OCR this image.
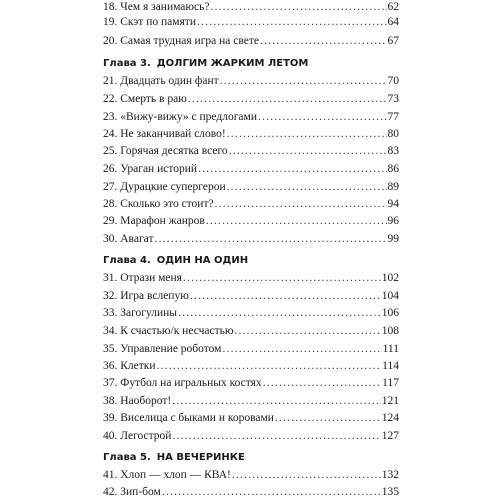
18. Чем я занимаюсь? .....	62
19. Скэт по памяти .....	64
20. Самая трудная игра на свете .....	67
Глава 3. ДОЛГИМ ЖАРКИМ ЛЕТОМ
21. Двадцать один фант .....	70
22. Смерть в раю .....	73
23. «Вижу-вижу» с предлогами .....	77
24. Не заканчивай слово! .....	80
25. Горячая десятка всего .....	83
26. Ураган историй .....	86
27. Дурацкие супергерои .....	89
28. Сколько это стоит? .....	94
29. Марафон жанров .....	96
30. Авагат .....	99
Глава 4. ОДИН НА ОДИН
31. Отрази меня .....	102
32. Игра вслепую .....	104
33. Загогулины .....	106
34. К счастью/к несчастью .....	108
35. Управление роботом .....	111
36. Клетки .....	114
37. Футбол на игральных костях .....	117
38. Наоборот! .....	121
39. Виселица с быками и коровами .....	124
40. Легострой .....	127
Глава 5. НА ВЕЧЕРИНКЕ
41. Хлоп — хлоп — КВА! .....	132
42. Зип-бом .....	135
